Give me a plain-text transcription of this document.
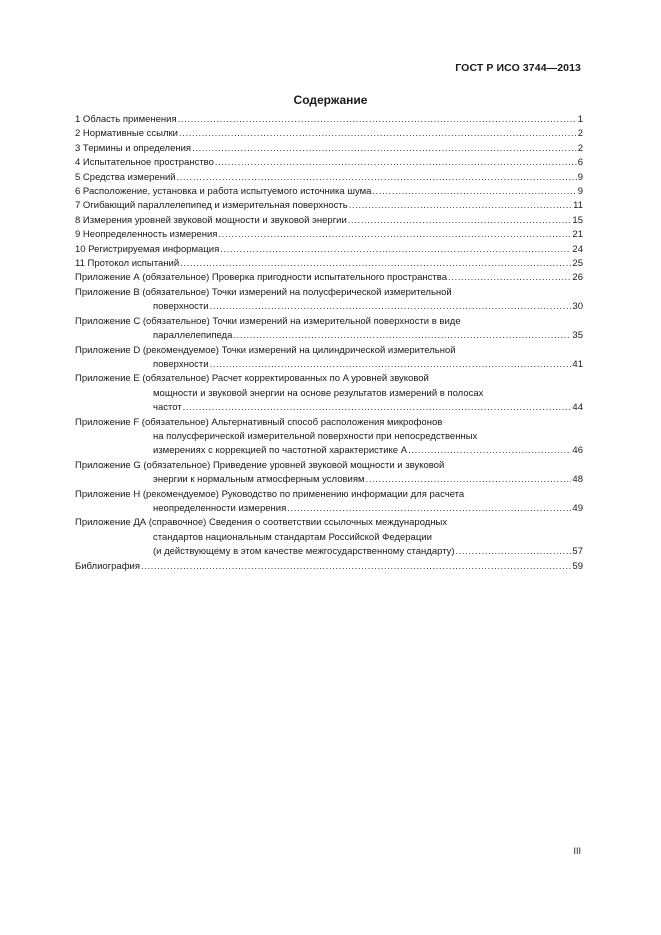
ГОСТ Р ИСО 3744—2013
Содержание
1 Область применения .....	1
2 Нормативные ссылки .....	2
3 Термины и определения .....	2
4 Испытательное пространство .....	6
5 Средства измерений .....	9
6 Расположение, установка и работа испытуемого источника шума .....	9
7 Огибающий параллелепипед и измерительная поверхность .....	11
8 Измерения уровней звуковой мощности и звуковой энергии .....	15
9 Неопределенность измерения .....	21
10 Регистрируемая информация .....	24
11 Протокол испытаний .....	25
Приложение А (обязательное) Проверка пригодности испытательного пространства .....	26
Приложение В (обязательное) Точки измерений на полусферической измерительной
поверхности .....	30
Приложение С (обязательное) Точки измерений на измерительной поверхности в виде
параллелепипеда .....	35
Приложение D (рекомендуемое) Точки измерений на цилиндрической измерительной
поверхности .....	41
Приложение Е (обязательное) Расчет корректированных по A уровней звуковой
мощности и звуковой энергии на основе результатов измерений в полосах
частот .....	44
Приложение F (обязательное) Альтернативный способ расположения микрофонов
на полусферической измерительной поверхности при непосредственных
измерениях с коррекцией по частотной характеристике A .....	46
Приложение G (обязательное) Приведение уровней звуковой мощности и звуковой
энергии к нормальным атмосферным условиям .....	48
Приложение Н (рекомендуемое) Руководство по применению информации для расчета
неопределенности измерения .....	49
Приложение ДА (справочное) Сведения о соответствии ссылочных международных
стандартов национальным стандартам Российской Федерации
(и действующему в этом качестве межгосударственному стандарту) .....	57
Библиография .....	59
III
